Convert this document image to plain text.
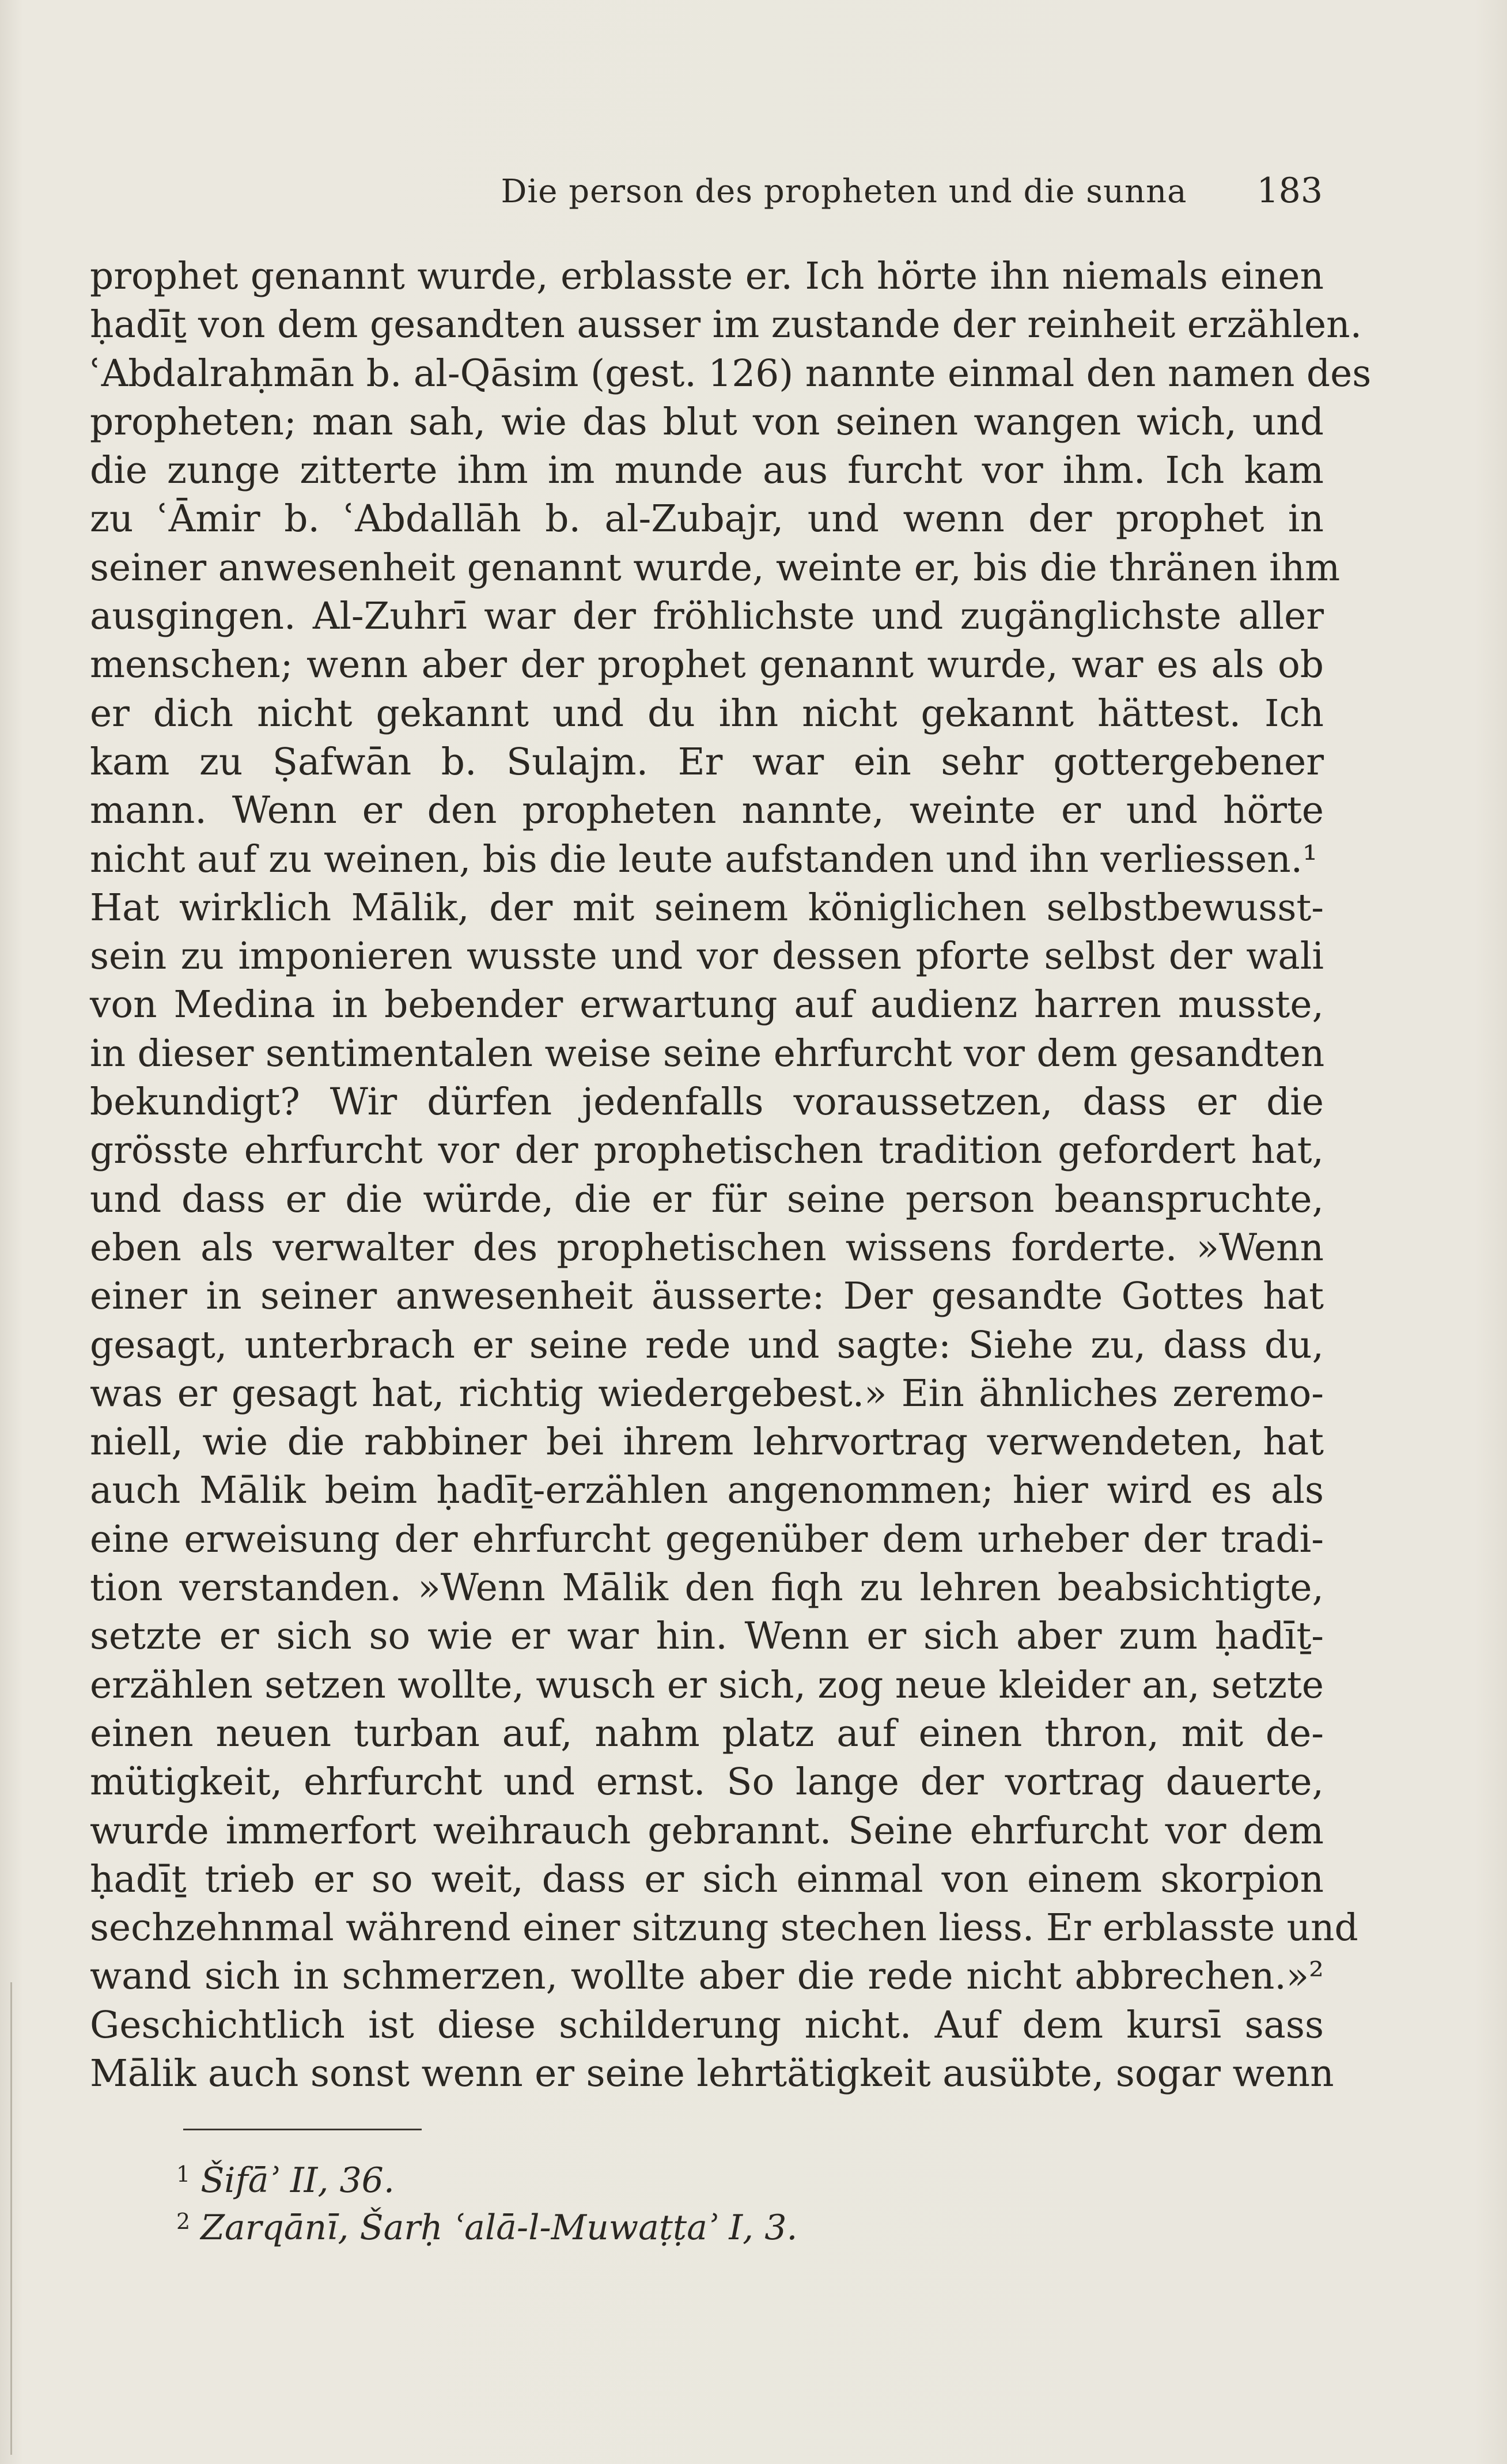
Die person des propheten und die sunna	183
prophet genannt wurde, erblasste er. Ich hörte ihn niemals einen
ḥadīṯ von dem gesandten ausser im zustande der reinheit erzählen.
ʿAbdalraḥmān b. al-Qāsim (gest. 126) nannte einmal den namen des
propheten; man sah, wie das blut von seinen wangen wich, und
die zunge zitterte ihm im munde aus furcht vor ihm. Ich kam
zu ʿĀmir b. ʿAbdallāh b. al-Zubajr, und wenn der prophet in
seiner anwesenheit genannt wurde, weinte er, bis die thränen ihm
ausgingen. Al-Zuhrī war der fröhlichste und zugänglichste aller
menschen; wenn aber der prophet genannt wurde, war es als ob
er dich nicht gekannt und du ihn nicht gekannt hättest. Ich
kam zu Ṣafwān b. Sulajm. Er war ein sehr gottergebener
mann. Wenn er den propheten nannte, weinte er und hörte
nicht auf zu weinen, bis die leute aufstanden und ihn verliessen.¹
Hat wirklich Mālik, der mit seinem königlichen selbstbewusst-
sein zu imponieren wusste und vor dessen pforte selbst der wali
von Medina in bebender erwartung auf audienz harren musste,
in dieser sentimentalen weise seine ehrfurcht vor dem gesandten
bekundigt? Wir dürfen jedenfalls voraussetzen, dass er die
grösste ehrfurcht vor der prophetischen tradition gefordert hat,
und dass er die würde, die er für seine person beanspruchte,
eben als verwalter des prophetischen wissens forderte. »Wenn
einer in seiner anwesenheit äusserte: Der gesandte Gottes hat
gesagt, unterbrach er seine rede und sagte: Siehe zu, dass du,
was er gesagt hat, richtig wiedergebest.» Ein ähnliches zeremo-
niell, wie die rabbiner bei ihrem lehrvortrag verwendeten, hat
auch Mālik beim ḥadīṯ-erzählen angenommen; hier wird es als
eine erweisung der ehrfurcht gegenüber dem urheber der tradi-
tion verstanden. »Wenn Mālik den fiqh zu lehren beabsichtigte,
setzte er sich so wie er war hin. Wenn er sich aber zum ḥadīṯ-
erzählen setzen wollte, wusch er sich, zog neue kleider an, setzte
einen neuen turban auf, nahm platz auf einen thron, mit de-
mütigkeit, ehrfurcht und ernst. So lange der vortrag dauerte,
wurde immerfort weihrauch gebrannt. Seine ehrfurcht vor dem
ḥadīṯ trieb er so weit, dass er sich einmal von einem skorpion
sechzehnmal während einer sitzung stechen liess. Er erblasste und
wand sich in schmerzen, wollte aber die rede nicht abbrechen.»²
Geschichtlich ist diese schilderung nicht. Auf dem kursī sass
Mālik auch sonst wenn er seine lehrtätigkeit ausübte, sogar wenn
$^1$ Šifāʾ II, 36.
$^2$ Zarqānī, Šarḥ ʿalā-l-Muwaṭṭaʾ I, 3.
